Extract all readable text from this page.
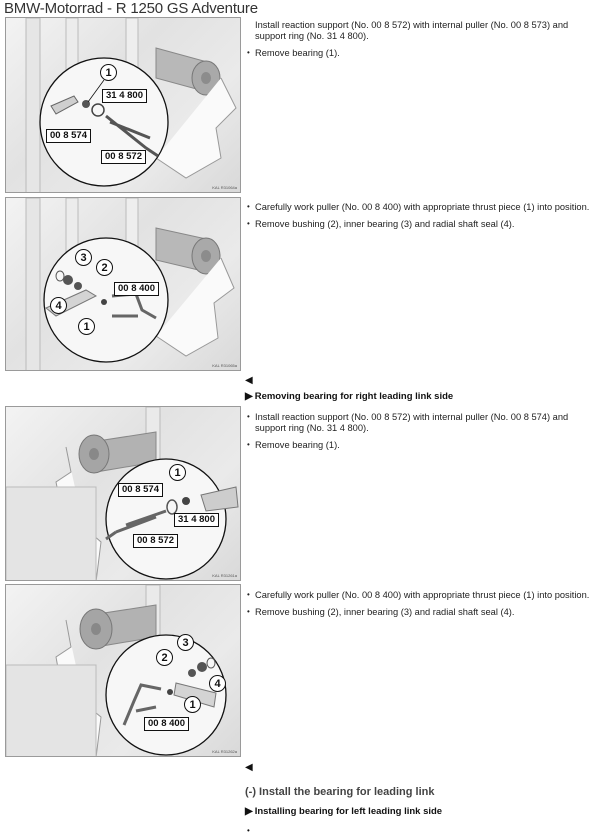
BMW-Motorrad - R 1250 GS Adventure
1
31 4 800
00 8 574
00 8 572
KAL R31064a
3
2
4
1
00 8 400
KAL R31065a
1
00 8 574
31 4 800
00 8 572
KAL R31261a
3
2
4
1
00 8 400
KAL R31262a
Install reaction support (No. 00 8 572) with internal puller (No. 00 8 573) and support ring (No. 31 4 800).
• Remove bearing (1).
• Carefully work puller (No. 00 8 400) with appropriate thrust piece (1) into position.
• Remove bushing (2), inner bearing (3) and radial shaft seal (4).
◀
▶ Removing bearing for right leading link side
• Install reaction support (No. 00 8 572) with internal puller (No. 00 8 574) and support ring (No. 31 4 800).
• Remove bearing (1).
• Carefully work puller (No. 00 8 400) with appropriate thrust piece (1) into position.
• Remove bushing (2), inner bearing (3) and radial shaft seal (4).
◀
(-) Install the bearing for leading link
▶ Installing bearing for left leading link side
•
